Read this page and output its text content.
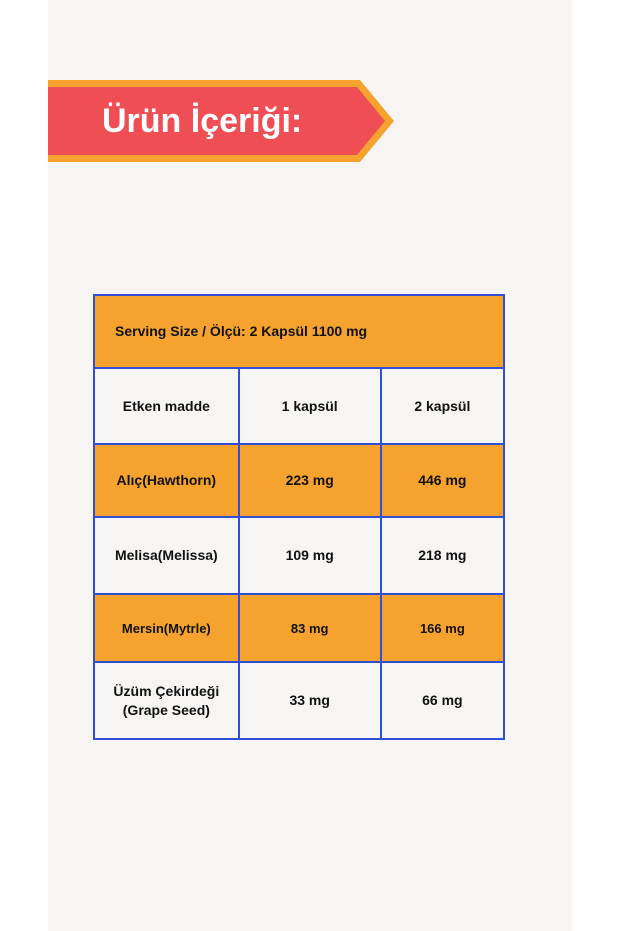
Ürün İçeriği:
Serving Size / Ölçü: 2 Kapsül 1100 mg		
Etken madde	1 kapsül	2 kapsül
Alıç(Hawthorn)	223 mg	446 mg
Melisa(Melissa)	109 mg	218 mg
Mersin(Mytrle)	83 mg	166 mg

Üzüm Çekirdeği
(Grape Seed)	33 mg	66 mg
